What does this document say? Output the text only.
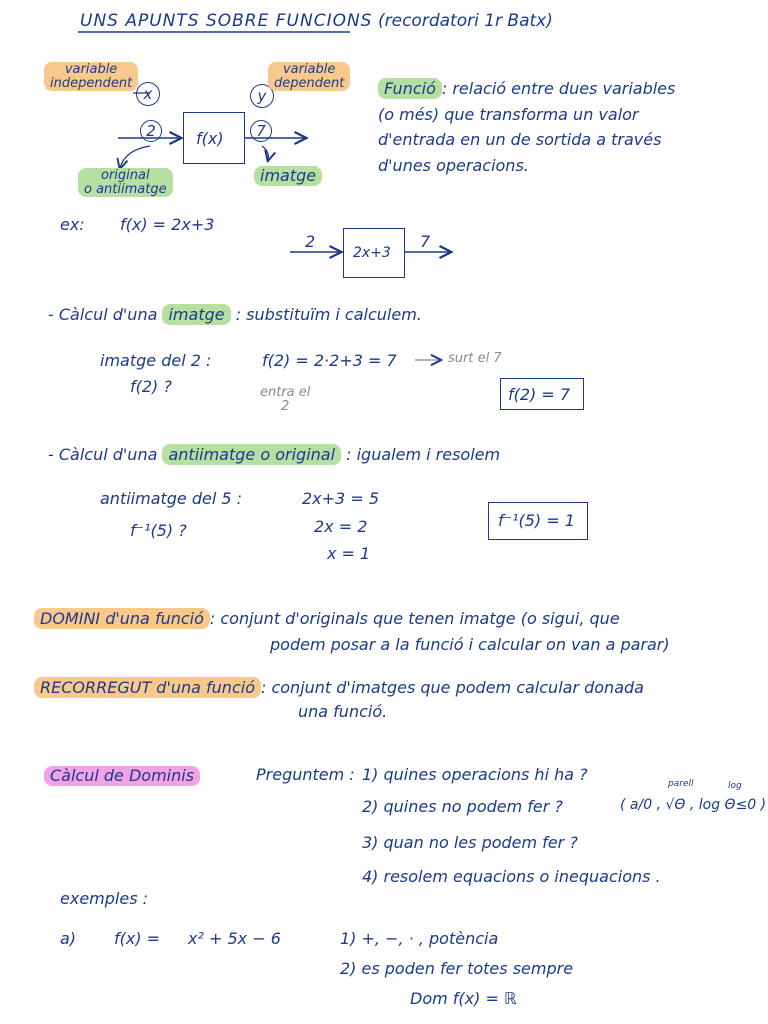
UNS APUNTS SOBRE FUNCIONS (recordatori 1r Batx)
variable
independent
x	y
variable
dependent
2	f(x)	7
original
o antiimatge
imatge
Funció : relació entre dues variables
(o més) que transforma un valor
d'entrada en un de sortida a través
d'unes operacions.
ex: f(x) = 2x+3
2
2x+3
7
- Càlcul d'una imatge : substituïm i calculem.
imatge del 2 :
f(2) ?
f(2) = 2·2+3 = 7	surt el 7
entra el
2
f(2) = 7
- Càlcul d'una antiimatge o original : igualem i resolem
antiimatge del 5 :
f⁻¹(5) ?
2x+3 = 5
2x = 2
x = 1
f⁻¹(5) = 1
DOMINI d'una funció : conjunt d'originals que tenen imatge (o sigui, que
podem posar a la funció i calcular on van a parar)
RECORREGUT d'una funció : conjunt d'imatges que podem calcular donada
una funció.
Càlcul de Dominis	Preguntem : 1) quines operacions hi ha ?
2) quines no podem fer ?	( a/0 , √Θ , log Θ≤0 )
parell	log
3) quan no les podem fer ?
4) resolem equacions o inequacions .
exemples :
a) f(x) = x² + 5x − 6	1) +, −, · , potència
2) es poden fer totes sempre
Dom f(x) = ℝ
